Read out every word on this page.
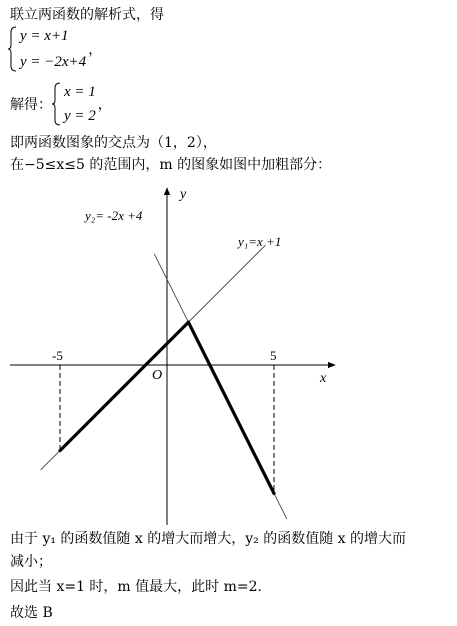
联立两函数的解析式，得
y = x+1
y = −2x+4
，
解得：
x = 1
y = 2
，
即两函数图象的交点为（1，2），
在−5≤x≤5 的范围内，m 的图象如图中加粗部分：
y
x
O
-5	5
y₂= -2x +4
y₁=x +1
由于 y₁ 的函数值随 x 的增大而增大，y₂ 的函数值随 x 的增大而
减小；
因此当 x=1 时，m 值最大，此时 m=2.
故选 B
